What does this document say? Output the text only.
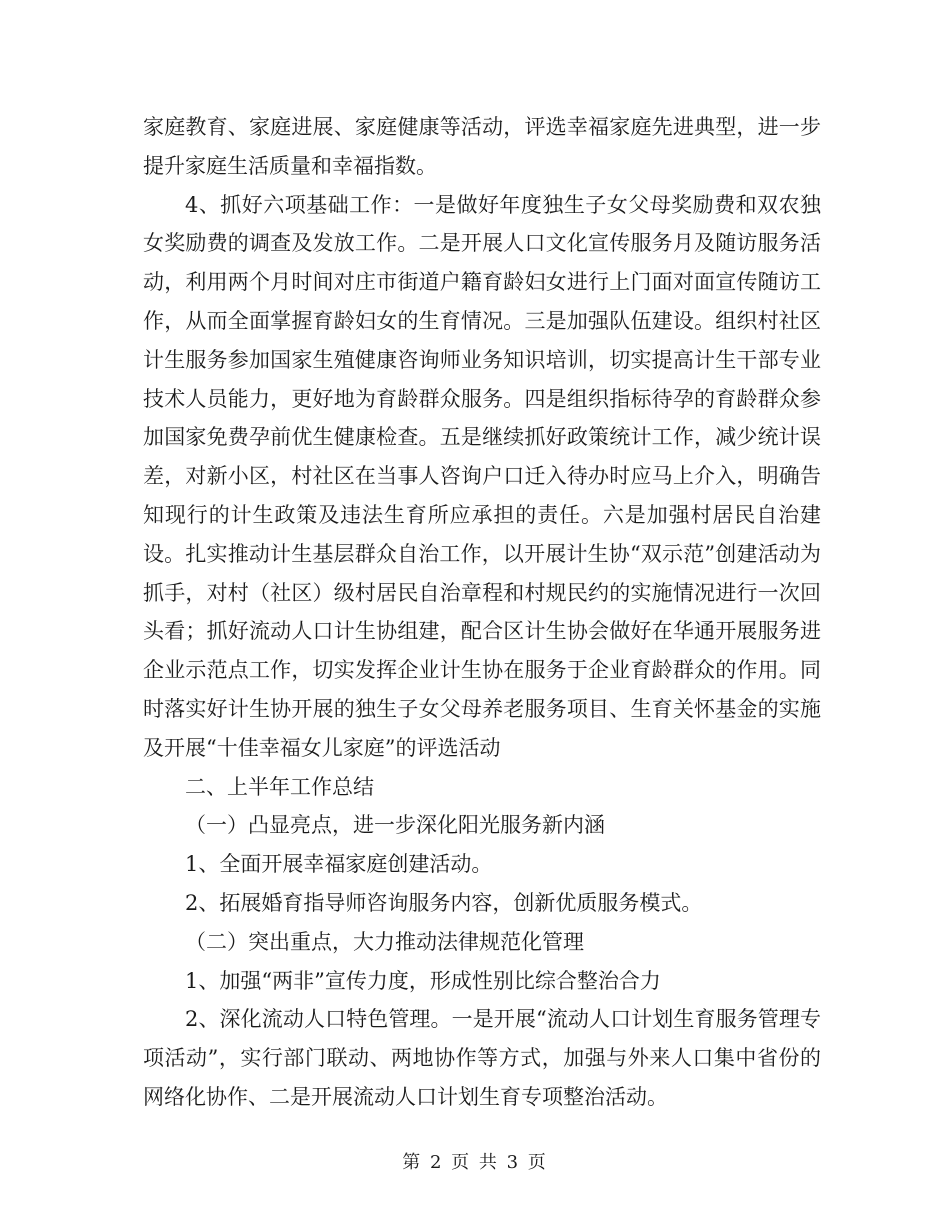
家庭教育、家庭进展、家庭健康等活动，评选幸福家庭先进典型，进一步提升家庭生活质量和幸福指数。

4、抓好六项基础工作：一是做好年度独生子女父母奖励费和双农独女奖励费的调查及发放工作。二是开展人口文化宣传服务月及随访服务活动，利用两个月时间对庄市街道户籍育龄妇女进行上门面对面宣传随访工作，从而全面掌握育龄妇女的生育情况。三是加强队伍建设。组织村社区计生服务参加国家生殖健康咨询师业务知识培训，切实提高计生干部专业技术人员能力，更好地为育龄群众服务。四是组织指标待孕的育龄群众参加国家免费孕前优生健康检查。五是继续抓好政策统计工作，减少统计误差，对新小区，村社区在当事人咨询户口迁入待办时应马上介入，明确告知现行的计生政策及违法生育所应承担的责任。六是加强村居民自治建设。扎实推动计生基层群众自治工作，以开展计生协“双示范”创建活动为抓手，对村（社区）级村居民自治章程和村规民约的实施情况进行一次回头看；抓好流动人口计生协组建，配合区计生协会做好在华通开展服务进企业示范点工作，切实发挥企业计生协在服务于企业育龄群众的作用。同时落实好计生协开展的独生子女父母养老服务项目、生育关怀基金的实施及开展“十佳幸福女儿家庭”的评选活动

二、上半年工作总结

（一）凸显亮点，进一步深化阳光服务新内涵

1、全面开展幸福家庭创建活动。

2、拓展婚育指导师咨询服务内容，创新优质服务模式。

（二）突出重点，大力推动法律规范化管理

1、加强“两非”宣传力度，形成性别比综合整治合力

2、深化流动人口特色管理。一是开展“流动人口计划生育服务管理专项活动”，实行部门联动、两地协作等方式，加强与外来人口集中省份的网络化协作、二是开展流动人口计划生育专项整治活动。

第 2 页 共 3 页
